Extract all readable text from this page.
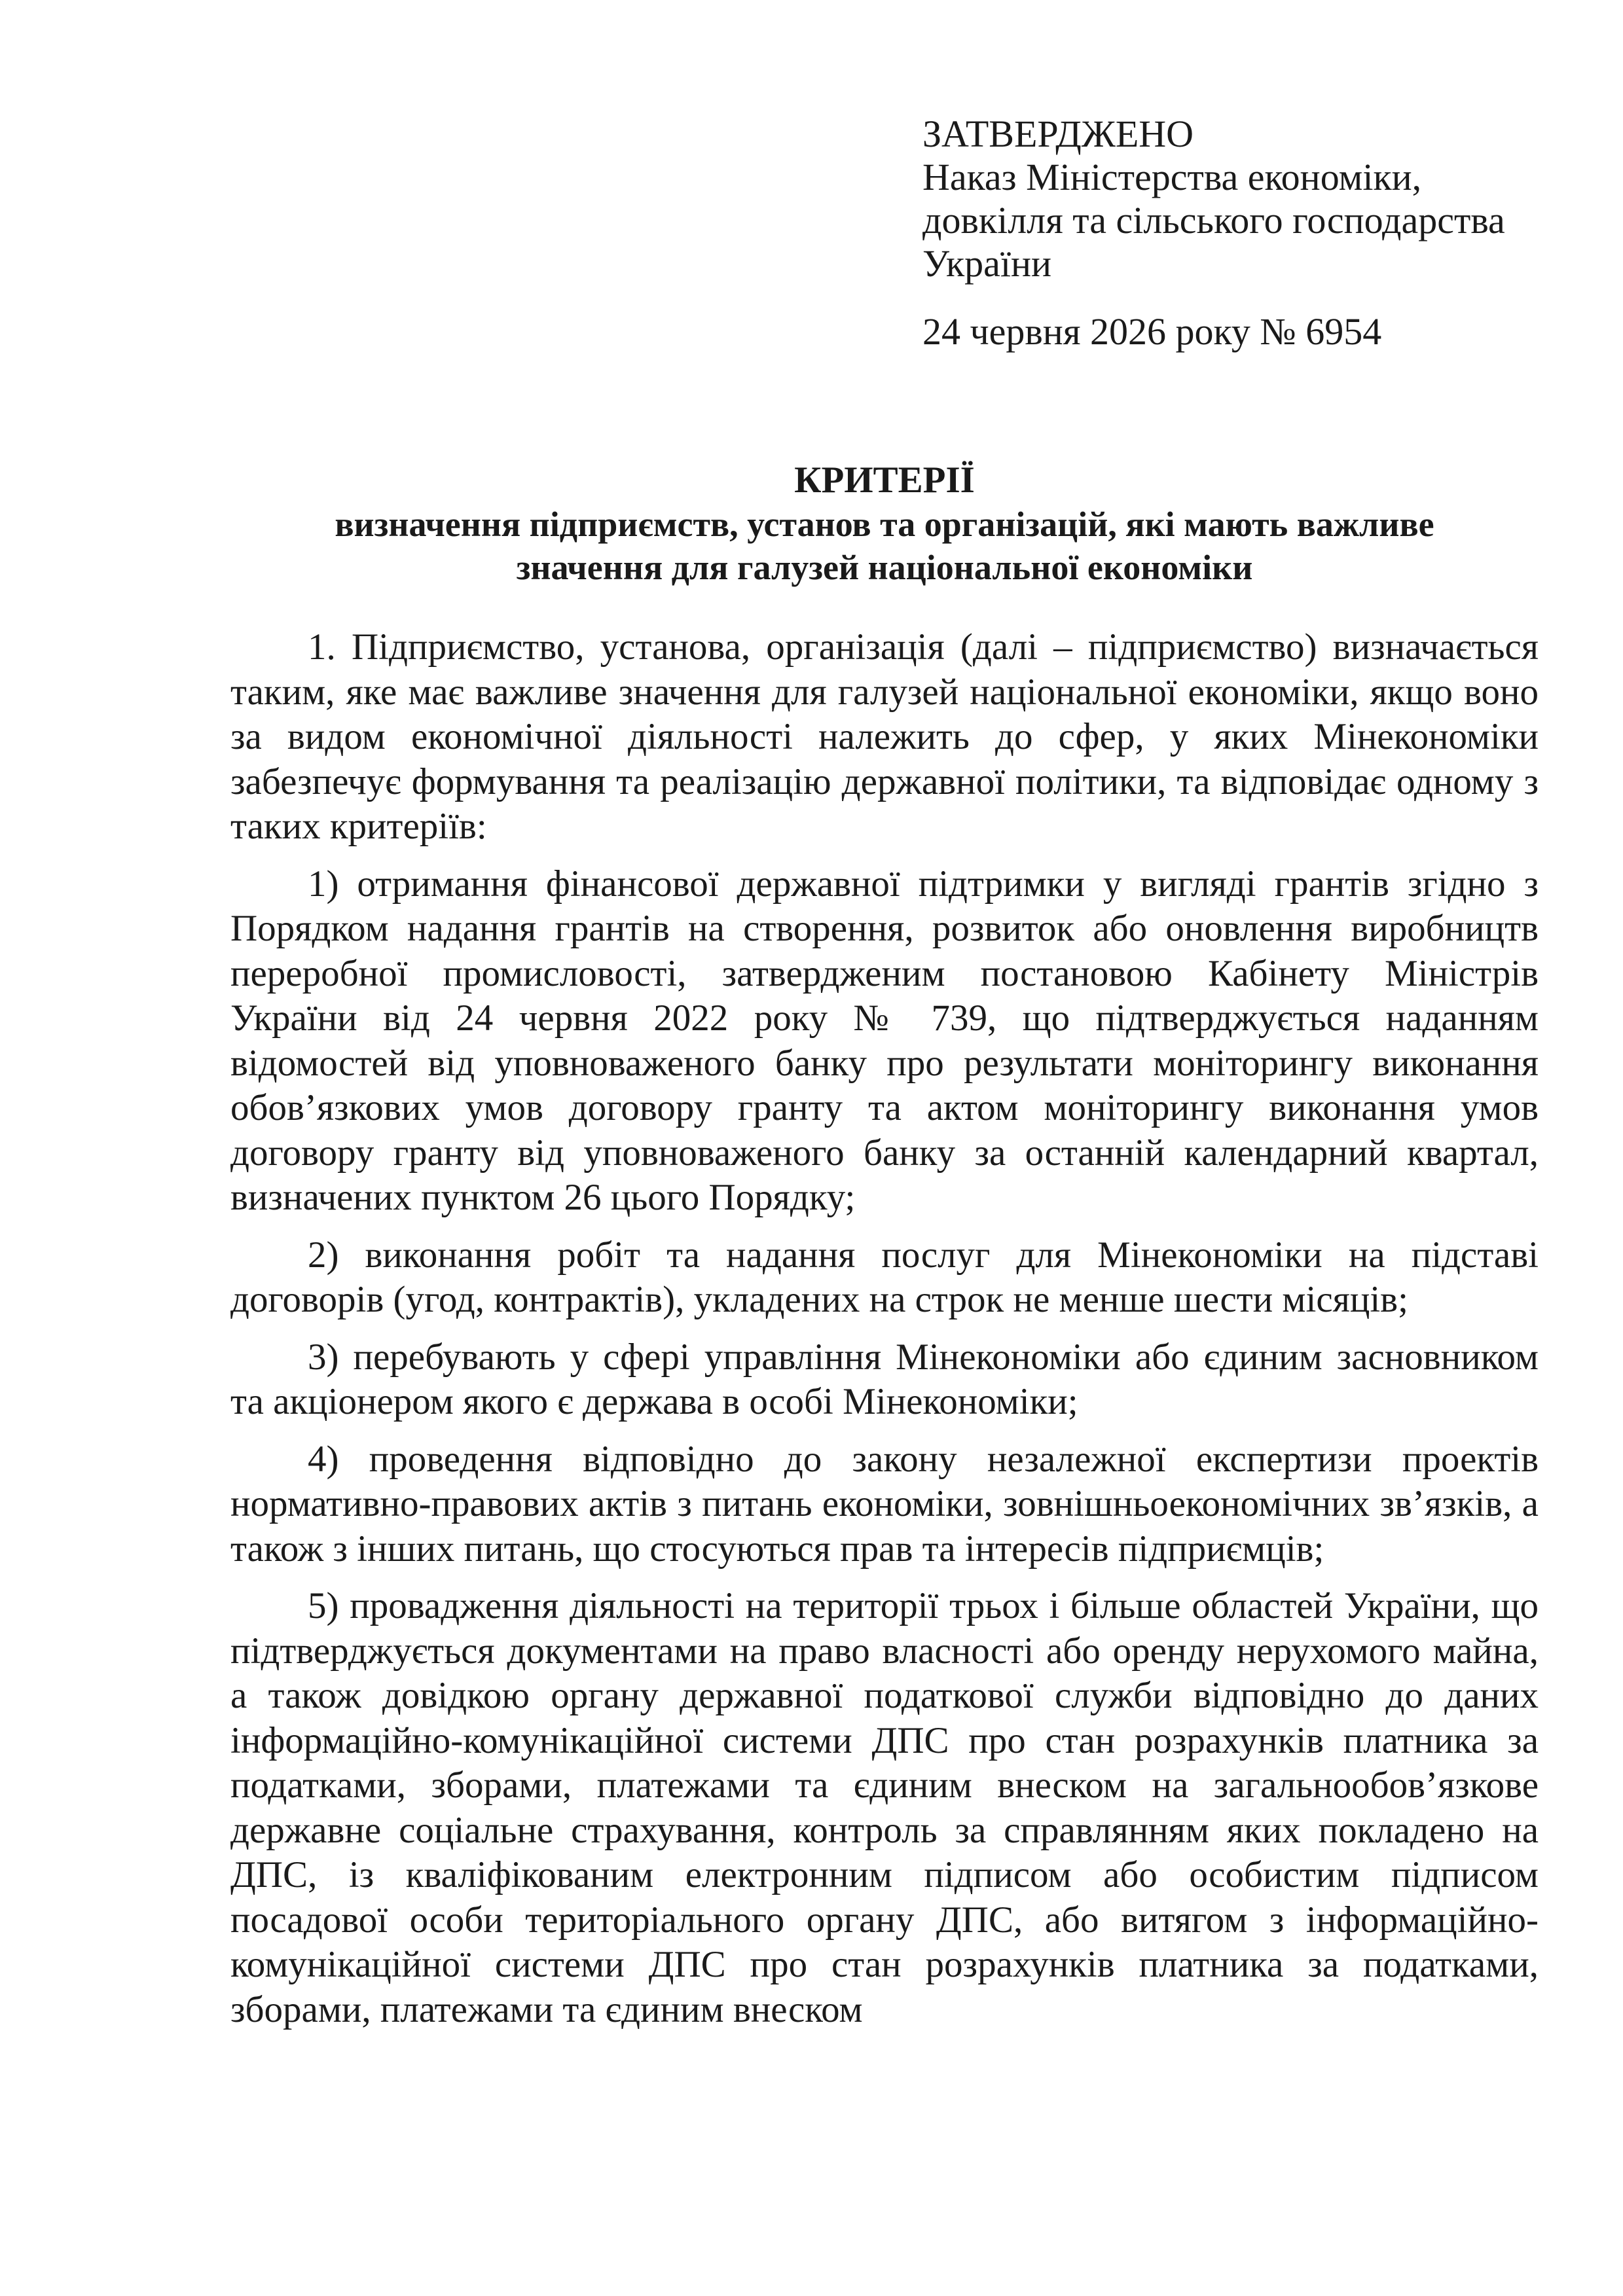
ЗАТВЕРДЖЕНО
Наказ Міністерства економіки,
довкілля та сільського господарства
України
24 червня 2026 року № 6954

КРИТЕРІЇ

визначення підприємств, установ та організацій, які мають важливе

значення для галузей національної економіки

1. Підприємство, установа, організація (далі – підприємство) визначається таким, яке має важливе значення для галузей національної економіки, якщо воно за видом економічної діяльності належить до сфер, у яких Мінекономіки забезпечує формування та реалізацію державної політики, та відповідає одному з таких критеріїв:

1) отримання фінансової державної підтримки у вигляді грантів згідно з Порядком надання грантів на створення, розвиток або оновлення виробництв переробної промисловості, затвердженим постановою Кабінету Міністрів України від 24 червня 2022 року № 739, що підтверджується наданням відомостей від уповноваженого банку про результати моніторингу виконання обов’язкових умов договору гранту та актом моніторингу виконання умов договору гранту від уповноваженого банку за останній календарний квартал, визначених пунктом 26 цього Порядку;

2) виконання робіт та надання послуг для Мінекономіки на підставі договорів (угод, контрактів), укладених на строк не менше шести місяців;

3) перебувають у сфері управління Мінекономіки або єдиним засновником та акціонером якого є держава в особі Мінекономіки;

4) проведення відповідно до закону незалежної експертизи проектів нормативно-правових актів з питань економіки, зовнішньоекономічних зв’язків, а також з інших питань, що стосуються прав та інтересів підприємців;

5) провадження діяльності на території трьох і більше областей України, що підтверджується документами на право власності або оренду нерухомого майна, а також довідкою органу державної податкової служби відповідно до даних інформаційно-комунікаційної системи ДПС про стан розрахунків платника за податками, зборами, платежами та єдиним внеском на загальнообов’язкове державне соціальне страхування, контроль за справлянням яких покладено на ДПС, із кваліфікованим електронним підписом або особистим підписом посадової особи територіального органу ДПС, або витягом з інформаційно-комунікаційної системи ДПС про стан розрахунків платника за податками, зборами, платежами та єдиним внеском
